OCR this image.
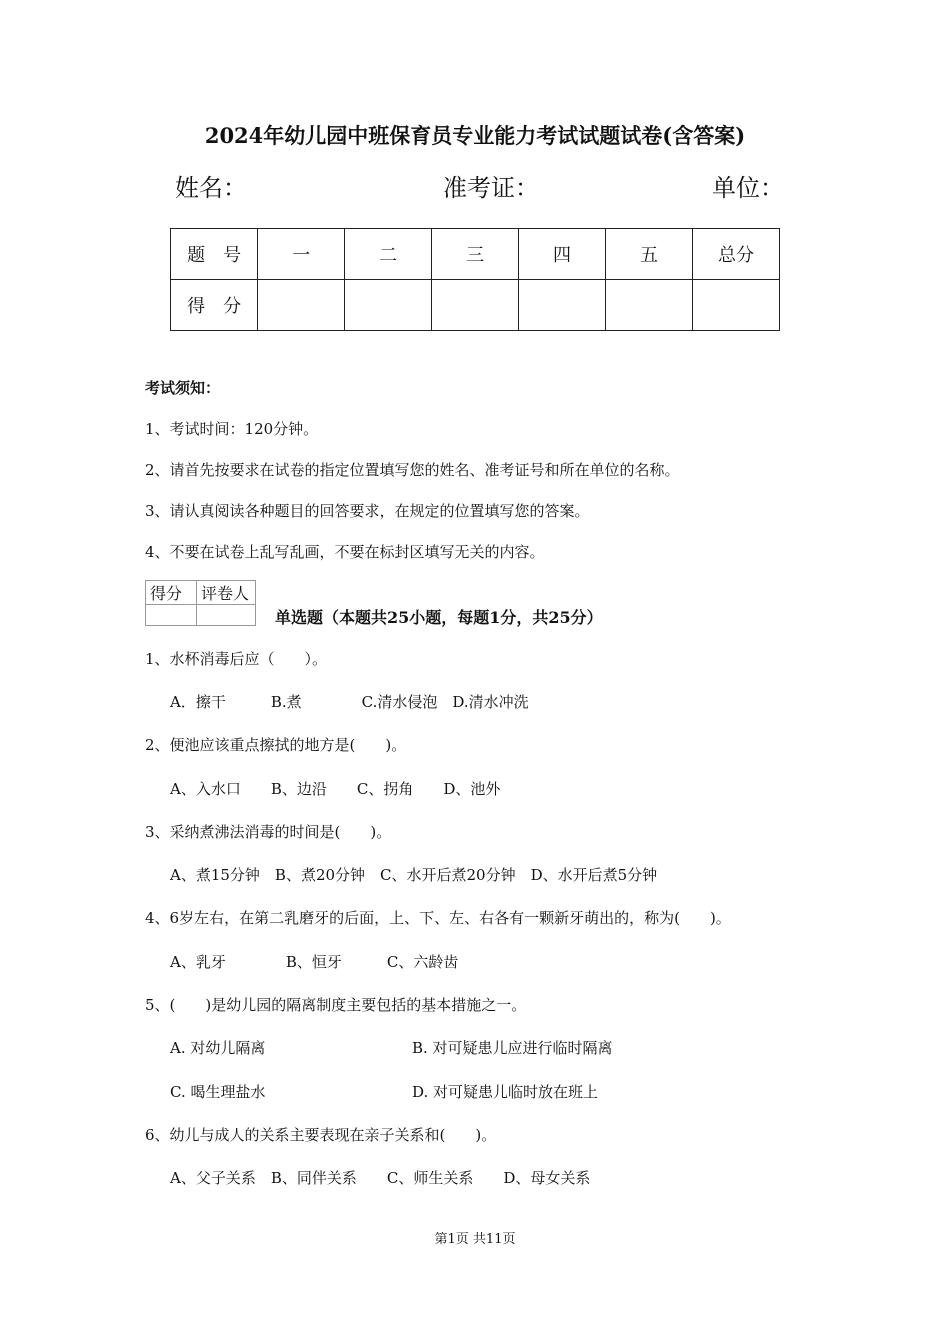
2024年幼儿园中班保育员专业能力考试试题试卷(含答案)
姓名：	准考证：	单位：
题　号	一	二	三	四	五	总分
得　分						
考试须知：
1、考试时间：120分钟。
2、请首先按要求在试卷的指定位置填写您的姓名、准考证号和所在单位的名称。
3、请认真阅读各种题目的回答要求，在规定的位置填写您的答案。
4、不要在试卷上乱写乱画，不要在标封区填写无关的内容。
得分	评卷人

单选题（本题共25小题，每题1分，共25分）
1、水杯消毒后应（　　）。
A．擦干　　　B.煮　　　　C.清水侵泡　D.清水冲洗
2、便池应该重点擦拭的地方是(　　)。
A、入水口　　B、边沿　　C、拐角　　D、池外
3、采纳煮沸法消毒的时间是(　　)。
A、煮15分钟　B、煮20分钟　C、水开后煮20分钟　D、水开后煮5分钟
4、6岁左右，在第二乳磨牙的后面，上、下、左、右各有一颗新牙萌出的，称为(　　)。
A、乳牙　　　　B、恒牙　　　C、六龄齿
5、(　　)是幼儿园的隔离制度主要包括的基本措施之一。
A. 对幼儿隔离	B. 对可疑患儿应进行临时隔离
C. 喝生理盐水	D. 对可疑患儿临时放在班上
6、幼儿与成人的关系主要表现在亲子关系和(　　)。
A、父子关系　B、同伴关系　　C、师生关系　　D、母女关系
第1页 共11页
